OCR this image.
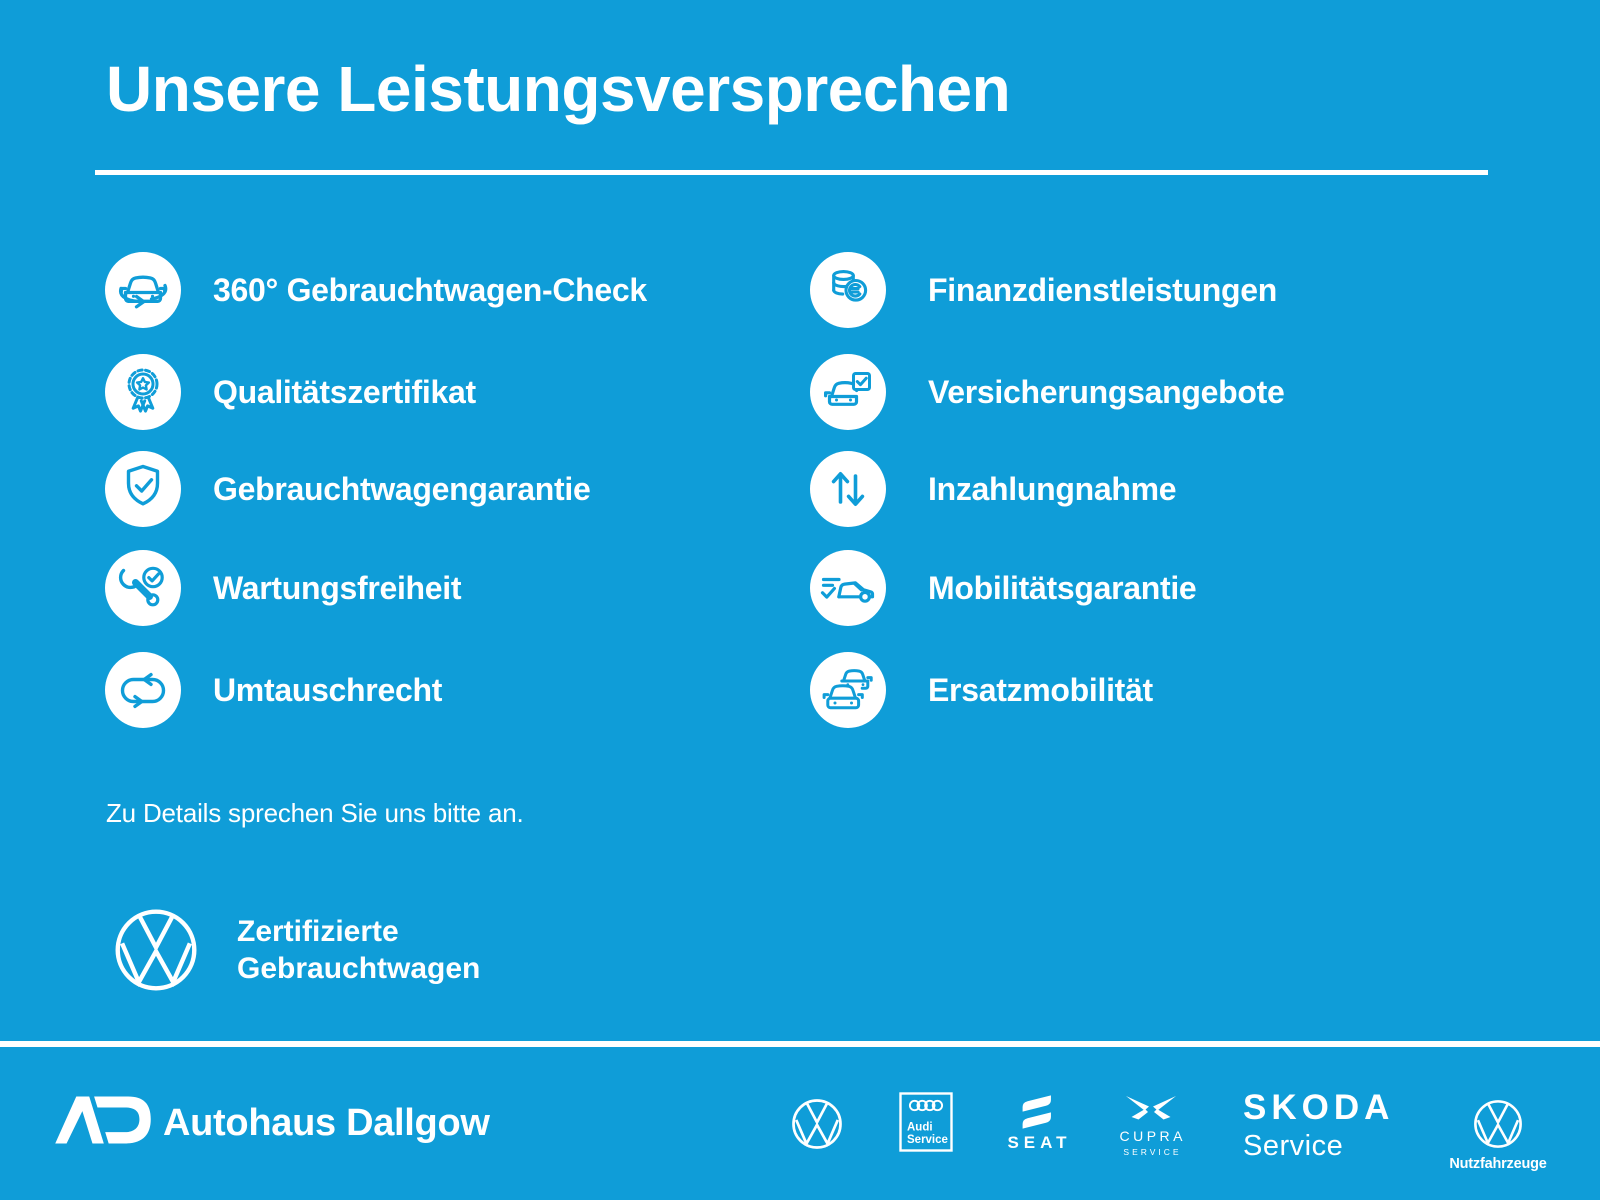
Unsere Leistungsversprechen
360° Gebrauchtwagen-Check
Qualitätszertifikat
Gebrauchtwagengarantie
Wartungsfreiheit
Umtauschrecht
Finanzdienstleistungen
Versicherungsangebote
Inzahlungnahme
Mobilitätsgarantie
Ersatzmobilität
Zu Details sprechen Sie uns bitte an.
Zertifizierte
Gebrauchtwagen
Autohaus Dallgow	Audi
Service	SEAT	CUPRA
SERVICE
SKODA
Service
Nutzfahrzeuge
